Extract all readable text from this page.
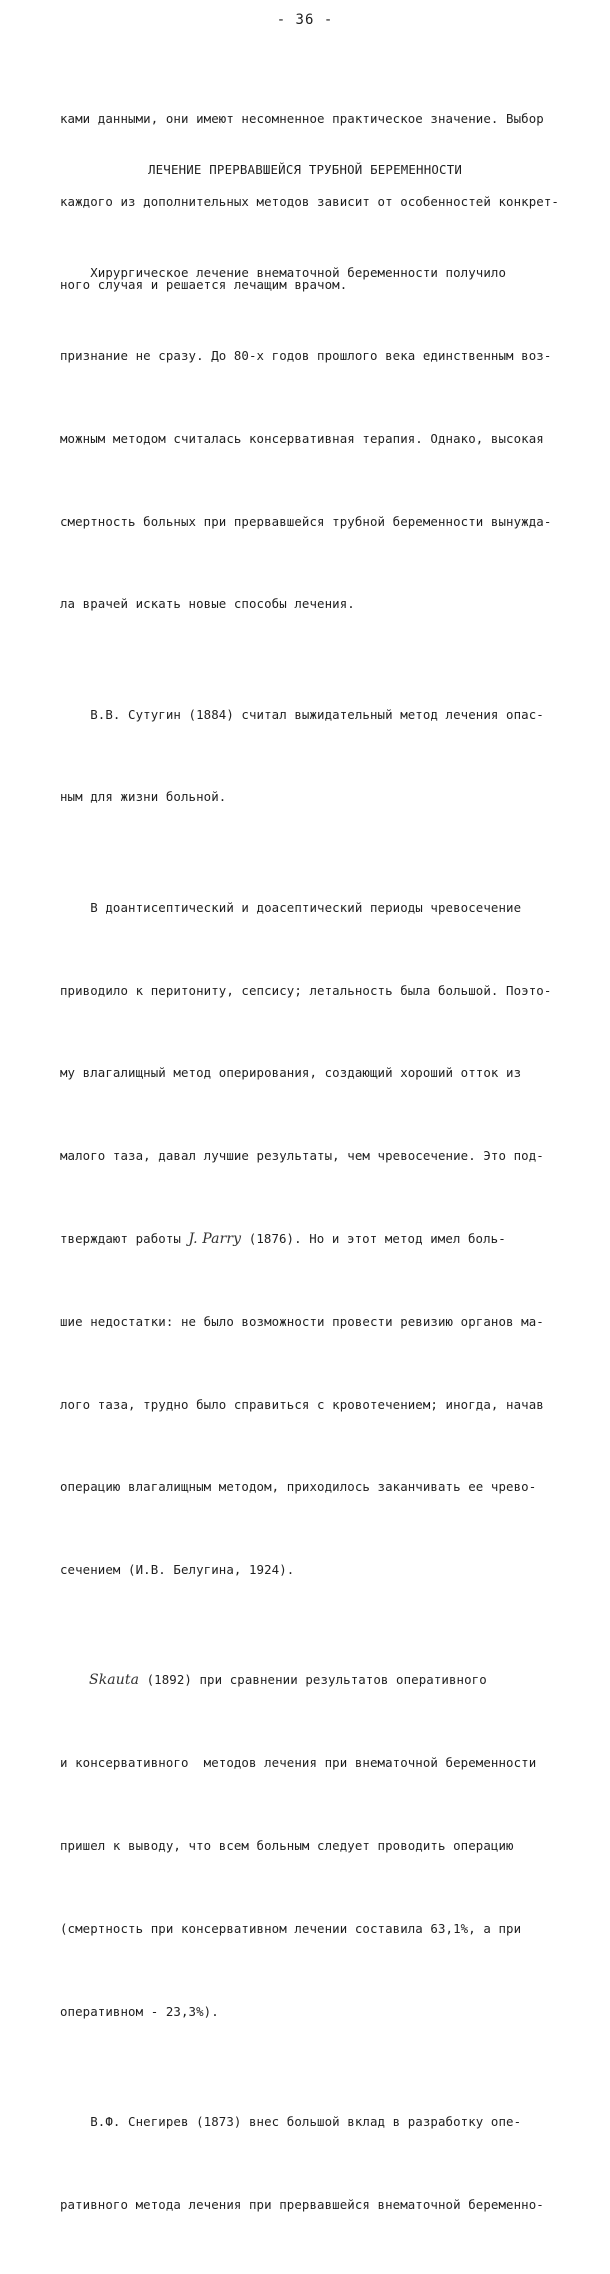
- 36 -

ками данными, они имеют несомненное практическое значение. Выбор

каждого из дополнительных методов зависит от особенностей конкрет-

ного случая и решается лечащим врачом.

ЛЕЧЕНИЕ ПРЕРВАВШЕЙСЯ ТРУБНОЙ БЕРЕМЕННОСТИ

Хирургическое лечение внематочной беременности получило

признание не сразу. До 80-х годов прошлого века единственным воз-

можным методом считалась консервативная терапия. Однако, высокая

смертность больных при прервавшейся трубной беременности вынужда-

ла врачей искать новые способы лечения.

В.В. Сутугин (1884) считал выжидательный метод лечения опас-

ным для жизни больной.

В доантисептический и доасептический периоды чревосечение

приводило к перитониту, сепсису; летальность была большой. Поэто-

му влагалищный метод оперирования, создающий хороший отток из

малого таза, давал лучшие результаты, чем чревосечение. Это под-

тверждают работы J. Parry (1876). Но и этот метод имел боль-

шие недостатки: не было возможности провести ревизию органов ма-

лого таза, трудно было справиться с кровотечением; иногда, начав

операцию влагалищным методом, приходилось заканчивать ее чрево-

сечением (И.В. Белугина, 1924).

Skauta (1892) при сравнении результатов оперативного

и консервативного  методов лечения при внематочной беременности

пришел к выводу, что всем больным следует проводить операцию

(смертность при консервативном лечении составила 63,1%, а при

оперативном - 23,3%).

В.Ф. Снегирев (1873) внес большой вклад в разработку опе-

ративного метода лечения при прервавшейся внематочной беременно-
